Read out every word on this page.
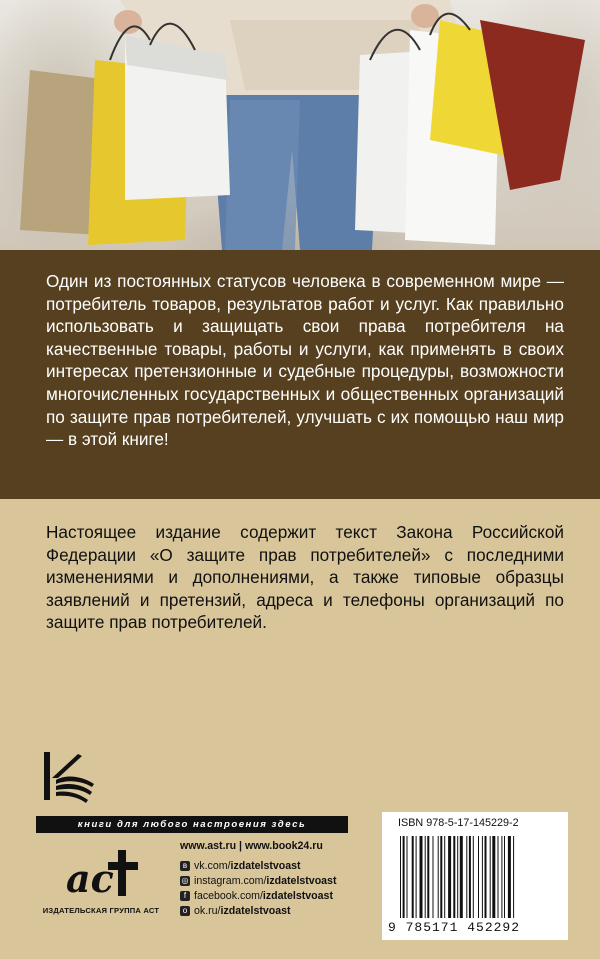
Один из постоянных статусов человека в современном мире — потребитель товаров, результатов работ и услуг. Как правильно использовать и защищать свои права потребителя на качественные товары, работы и услуги, как применять в своих интересах претензионные и судебные процедуры, возможности многочисленных государственных и общественных организаций по защите прав потребителей, улучшать с их помощью наш мир — в этой книге!
Настоящее издание содержит текст Закона Российской Федерации «О защите прав потребителей» с последними изменениями и дополнениями, а также типовые образцы заявлений и претензий, адреса и телефоны организаций по защите прав потребителей.
книги для любого настроения здесь
ac
ИЗДАТЕЛЬСКАЯ ГРУППА АСТ
www.ast.ru | www.book24.ru
в vk.com/ izdatelstvoast
◎ instagram.com/ izdatelstvoast
f facebook.com/ izdatelstvoast
о ok.ru/ izdatelstvoast
ISBN 978-5-17-145229-2
9 785171 452292
